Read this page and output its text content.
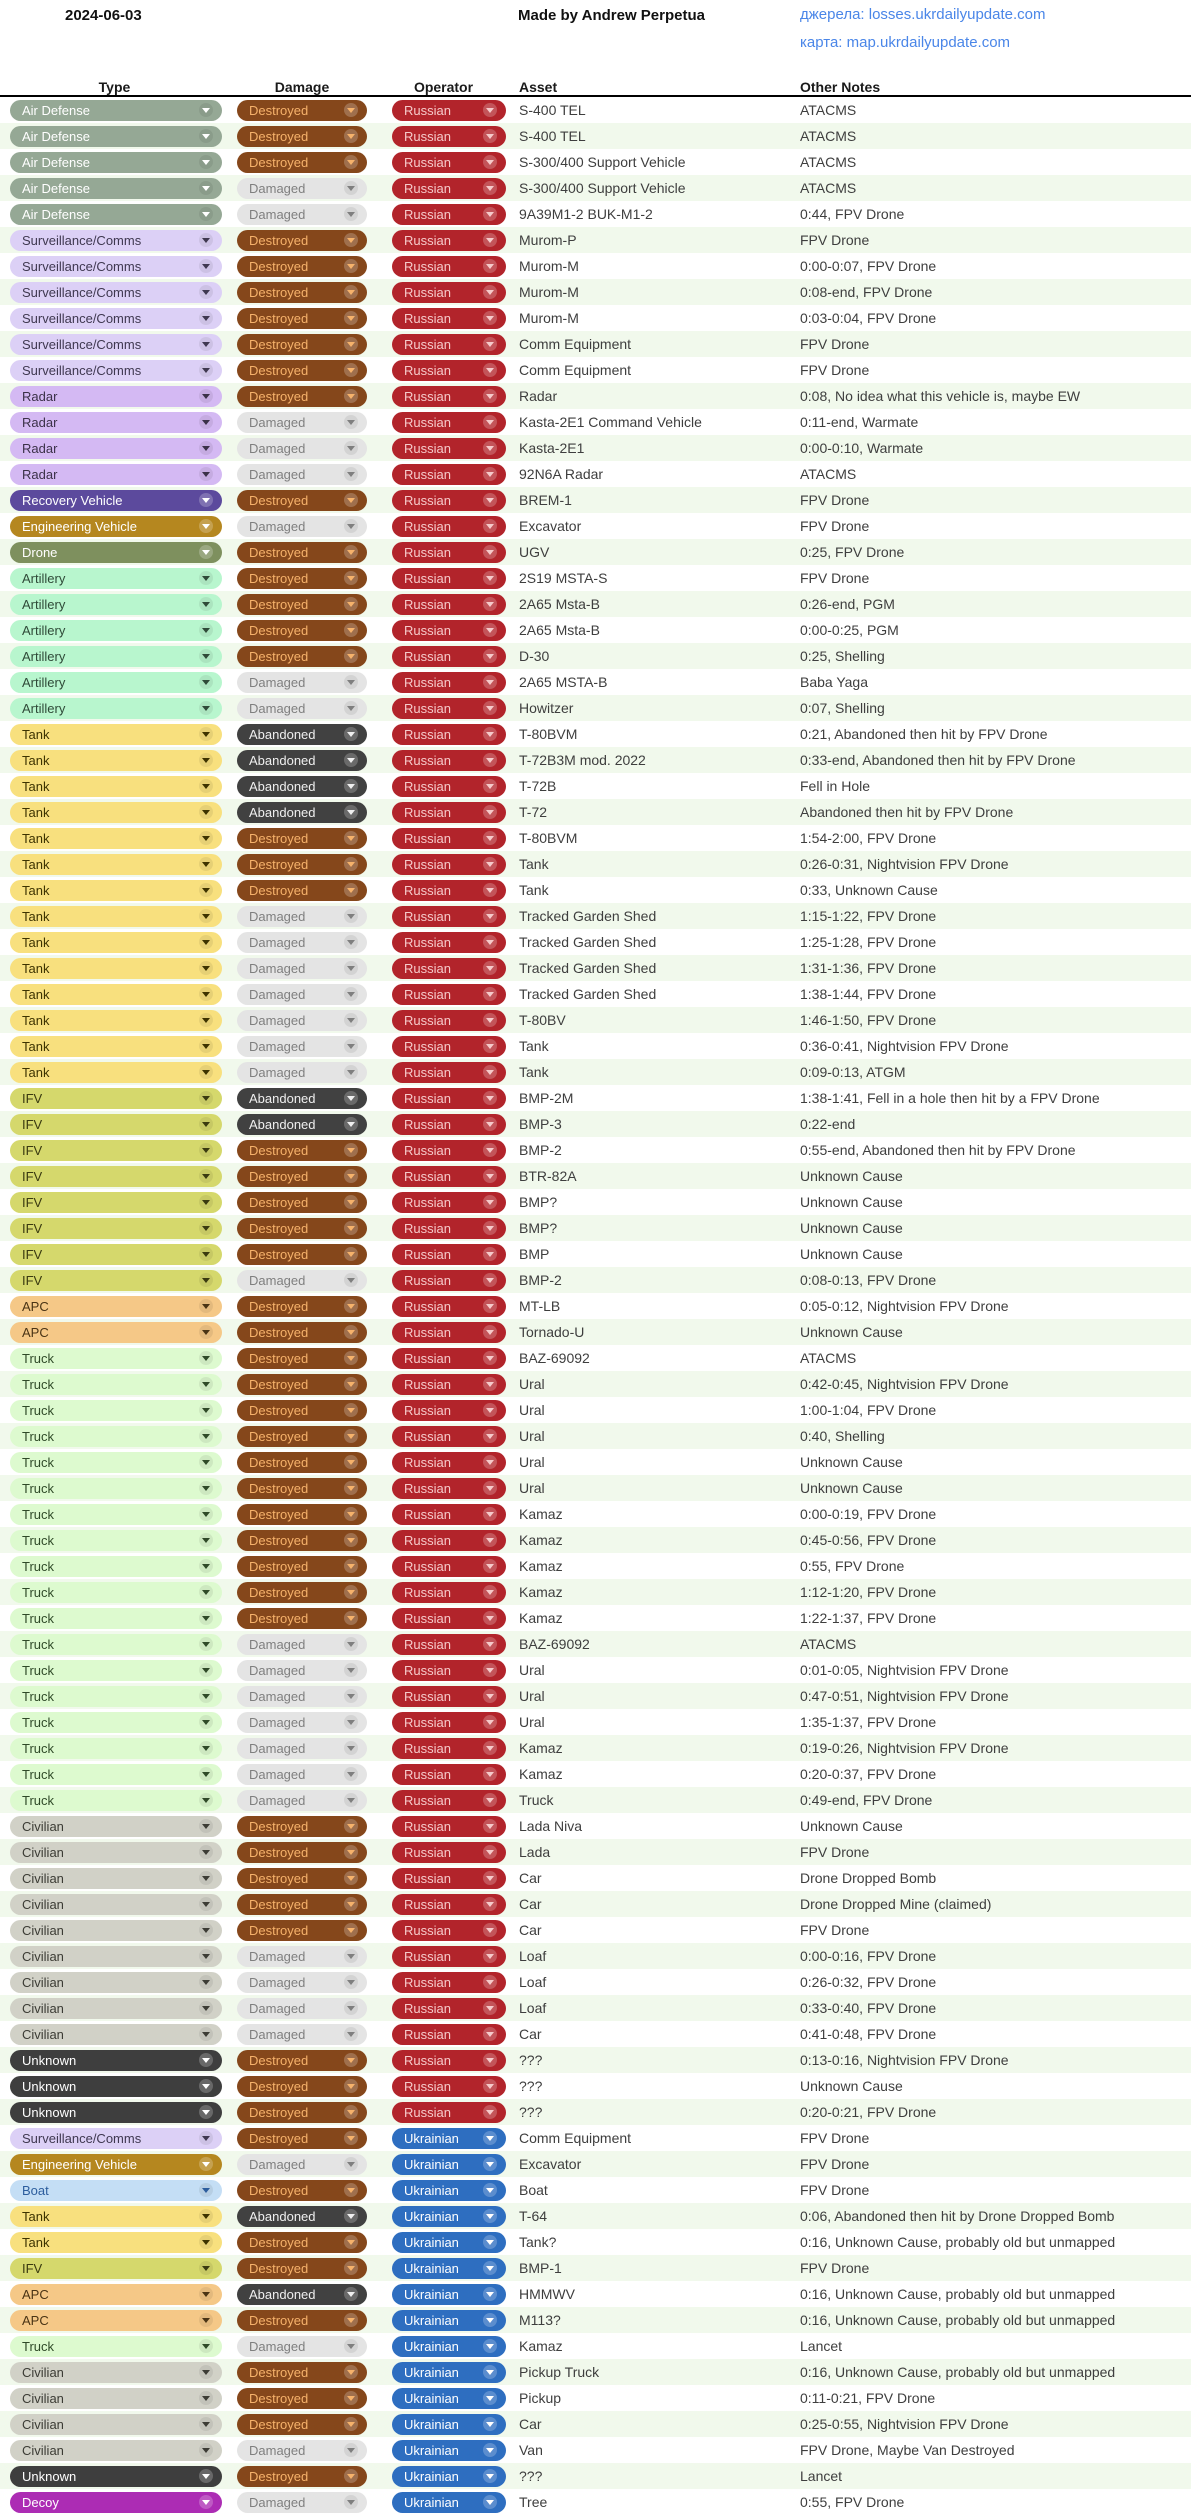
2024-06-03	Made by Andrew Perpetua	джерела: losses.ukrdailyupdate.com
карта: map.ukrdailyupdate.com
Type	Damage	Operator	Asset	Other Notes
Air Defense	Destroyed	Russian	S-400 TEL	ATACMS
Air Defense	Destroyed	Russian	S-400 TEL	ATACMS
Air Defense	Destroyed	Russian	S-300/400 Support Vehicle	ATACMS
Air Defense	Damaged	Russian	S-300/400 Support Vehicle	ATACMS
Air Defense	Damaged	Russian	9A39M1-2 BUK-M1-2	0:44, FPV Drone
Surveillance/Comms	Destroyed	Russian	Murom-P	FPV Drone
Surveillance/Comms	Destroyed	Russian	Murom-M	0:00-0:07, FPV Drone
Surveillance/Comms	Destroyed	Russian	Murom-M	0:08-end, FPV Drone
Surveillance/Comms	Destroyed	Russian	Murom-M	0:03-0:04, FPV Drone
Surveillance/Comms	Destroyed	Russian	Comm Equipment	FPV Drone
Surveillance/Comms	Destroyed	Russian	Comm Equipment	FPV Drone
Radar	Destroyed	Russian	Radar	0:08, No idea what this vehicle is, maybe EW
Radar	Damaged	Russian	Kasta-2E1 Command Vehicle	0:11-end, Warmate
Radar	Damaged	Russian	Kasta-2E1	0:00-0:10, Warmate
Radar	Damaged	Russian	92N6A Radar	ATACMS
Recovery Vehicle	Destroyed	Russian	BREM-1	FPV Drone
Engineering Vehicle	Damaged	Russian	Excavator	FPV Drone
Drone	Destroyed	Russian	UGV	0:25, FPV Drone
Artillery	Destroyed	Russian	2S19 MSTA-S	FPV Drone
Artillery	Destroyed	Russian	2A65 Msta-B	0:26-end, PGM
Artillery	Destroyed	Russian	2A65 Msta-B	0:00-0:25, PGM
Artillery	Destroyed	Russian	D-30	0:25, Shelling
Artillery	Damaged	Russian	2A65 MSTA-B	Baba Yaga
Artillery	Damaged	Russian	Howitzer	0:07, Shelling
Tank	Abandoned	Russian	T-80BVM	0:21, Abandoned then hit by FPV Drone
Tank	Abandoned	Russian	T-72B3M mod. 2022	0:33-end, Abandoned then hit by FPV Drone
Tank	Abandoned	Russian	T-72B	Fell in Hole
Tank	Abandoned	Russian	T-72	Abandoned then hit by FPV Drone
Tank	Destroyed	Russian	T-80BVM	1:54-2:00, FPV Drone
Tank	Destroyed	Russian	Tank	0:26-0:31, Nightvision FPV Drone
Tank	Destroyed	Russian	Tank	0:33, Unknown Cause
Tank	Damaged	Russian	Tracked Garden Shed	1:15-1:22, FPV Drone
Tank	Damaged	Russian	Tracked Garden Shed	1:25-1:28, FPV Drone
Tank	Damaged	Russian	Tracked Garden Shed	1:31-1:36, FPV Drone
Tank	Damaged	Russian	Tracked Garden Shed	1:38-1:44, FPV Drone
Tank	Damaged	Russian	T-80BV	1:46-1:50, FPV Drone
Tank	Damaged	Russian	Tank	0:36-0:41, Nightvision FPV Drone
Tank	Damaged	Russian	Tank	0:09-0:13, ATGM
IFV	Abandoned	Russian	BMP-2M	1:38-1:41, Fell in a hole then hit by a FPV Drone
IFV	Abandoned	Russian	BMP-3	0:22-end
IFV	Destroyed	Russian	BMP-2	0:55-end, Abandoned then hit by FPV Drone
IFV	Destroyed	Russian	BTR-82A	Unknown Cause
IFV	Destroyed	Russian	BMP?	Unknown Cause
IFV	Destroyed	Russian	BMP?	Unknown Cause
IFV	Destroyed	Russian	BMP	Unknown Cause
IFV	Damaged	Russian	BMP-2	0:08-0:13, FPV Drone
APC	Destroyed	Russian	MT-LB	0:05-0:12, Nightvision FPV Drone
APC	Destroyed	Russian	Tornado-U	Unknown Cause
Truck	Destroyed	Russian	BAZ-69092	ATACMS
Truck	Destroyed	Russian	Ural	0:42-0:45, Nightvision FPV Drone
Truck	Destroyed	Russian	Ural	1:00-1:04, FPV Drone
Truck	Destroyed	Russian	Ural	0:40, Shelling
Truck	Destroyed	Russian	Ural	Unknown Cause
Truck	Destroyed	Russian	Ural	Unknown Cause
Truck	Destroyed	Russian	Kamaz	0:00-0:19, FPV Drone
Truck	Destroyed	Russian	Kamaz	0:45-0:56, FPV Drone
Truck	Destroyed	Russian	Kamaz	0:55, FPV Drone
Truck	Destroyed	Russian	Kamaz	1:12-1:20, FPV Drone
Truck	Destroyed	Russian	Kamaz	1:22-1:37, FPV Drone
Truck	Damaged	Russian	BAZ-69092	ATACMS
Truck	Damaged	Russian	Ural	0:01-0:05, Nightvision FPV Drone
Truck	Damaged	Russian	Ural	0:47-0:51, Nightvision FPV Drone
Truck	Damaged	Russian	Ural	1:35-1:37, FPV Drone
Truck	Damaged	Russian	Kamaz	0:19-0:26, Nightvision FPV Drone
Truck	Damaged	Russian	Kamaz	0:20-0:37, FPV Drone
Truck	Damaged	Russian	Truck	0:49-end, FPV Drone
Civilian	Destroyed	Russian	Lada Niva	Unknown Cause
Civilian	Destroyed	Russian	Lada	FPV Drone
Civilian	Destroyed	Russian	Car	Drone Dropped Bomb
Civilian	Destroyed	Russian	Car	Drone Dropped Mine (claimed)
Civilian	Destroyed	Russian	Car	FPV Drone
Civilian	Damaged	Russian	Loaf	0:00-0:16, FPV Drone
Civilian	Damaged	Russian	Loaf	0:26-0:32, FPV Drone
Civilian	Damaged	Russian	Loaf	0:33-0:40, FPV Drone
Civilian	Damaged	Russian	Car	0:41-0:48, FPV Drone
Unknown	Destroyed	Russian	???	0:13-0:16, Nightvision FPV Drone
Unknown	Destroyed	Russian	???	Unknown Cause
Unknown	Destroyed	Russian	???	0:20-0:21, FPV Drone
Surveillance/Comms	Destroyed	Ukrainian	Comm Equipment	FPV Drone
Engineering Vehicle	Damaged	Ukrainian	Excavator	FPV Drone
Boat	Destroyed	Ukrainian	Boat	FPV Drone
Tank	Abandoned	Ukrainian	T-64	0:06, Abandoned then hit by Drone Dropped Bomb
Tank	Destroyed	Ukrainian	Tank?	0:16, Unknown Cause, probably old but unmapped
IFV	Destroyed	Ukrainian	BMP-1	FPV Drone
APC	Abandoned	Ukrainian	HMMWV	0:16, Unknown Cause, probably old but unmapped
APC	Destroyed	Ukrainian	M113?	0:16, Unknown Cause, probably old but unmapped
Truck	Damaged	Ukrainian	Kamaz	Lancet
Civilian	Destroyed	Ukrainian	Pickup Truck	0:16, Unknown Cause, probably old but unmapped
Civilian	Destroyed	Ukrainian	Pickup	0:11-0:21, FPV Drone
Civilian	Destroyed	Ukrainian	Car	0:25-0:55, Nightvision FPV Drone
Civilian	Damaged	Ukrainian	Van	FPV Drone, Maybe Van Destroyed
Unknown	Destroyed	Ukrainian	???	Lancet
Decoy	Damaged	Ukrainian	Tree	0:55, FPV Drone
